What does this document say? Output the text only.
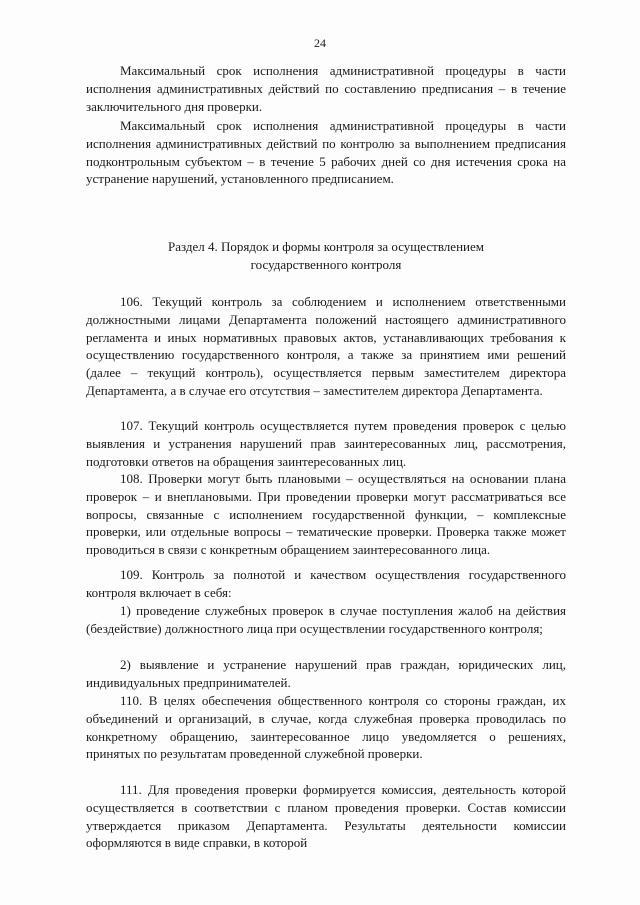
24

Максимальный срок исполнения административной процедуры в части исполнения административных действий по составлению предписания – в течение заключительного дня проверки.

Максимальный срок исполнения административной процедуры в части исполнения административных действий по контролю за выполнением предписания подконтрольным субъектом – в течение 5 рабочих дней со дня истечения срока на устранение нарушений, установленного предписанием.

Раздел 4. Порядок и формы контроля за осуществлением
государственного контроля

106. Текущий контроль за соблюдением и исполнением ответственными должностными лицами Департамента положений настоящего административного регламента и иных нормативных правовых актов, устанавливающих требования к осуществлению государственного контроля, а также за принятием ими решений (далее – текущий контроль), осуществляется первым заместителем директора Департамента, а в случае его отсутствия – заместителем директора Департамента.

107. Текущий контроль осуществляется путем проведения проверок с целью выявления и устранения нарушений прав заинтересованных лиц, рассмотрения, подготовки ответов на обращения заинтересованных лиц.

108. Проверки могут быть плановыми – осуществляться на основании плана проверок – и внеплановыми. При проведении проверки могут рассматриваться все вопросы, связанные с исполнением государственной функции, – комплексные проверки, или отдельные вопросы – тематические проверки. Проверка также может проводиться в связи с конкретным обращением заинтересованного лица.

109. Контроль за полнотой и качеством осуществления государственного контроля включает в себя:

1) проведение служебных проверок в случае поступления жалоб на действия (бездействие) должностного лица при осуществлении государственного контроля;

2) выявление и устранение нарушений прав граждан, юридических лиц, индивидуальных предпринимателей.

110. В целях обеспечения общественного контроля со стороны граждан, их объединений и организаций, в случае, когда служебная проверка проводилась по конкретному обращению, заинтересованное лицо уведомляется о решениях, принятых по результатам проведенной служебной проверки.

111. Для проведения проверки формируется комиссия, деятельность которой осуществляется в соответствии с планом проведения проверки. Состав комиссии утверждается приказом Департамента. Результаты деятельности комиссии оформляются в виде справки, в которой
